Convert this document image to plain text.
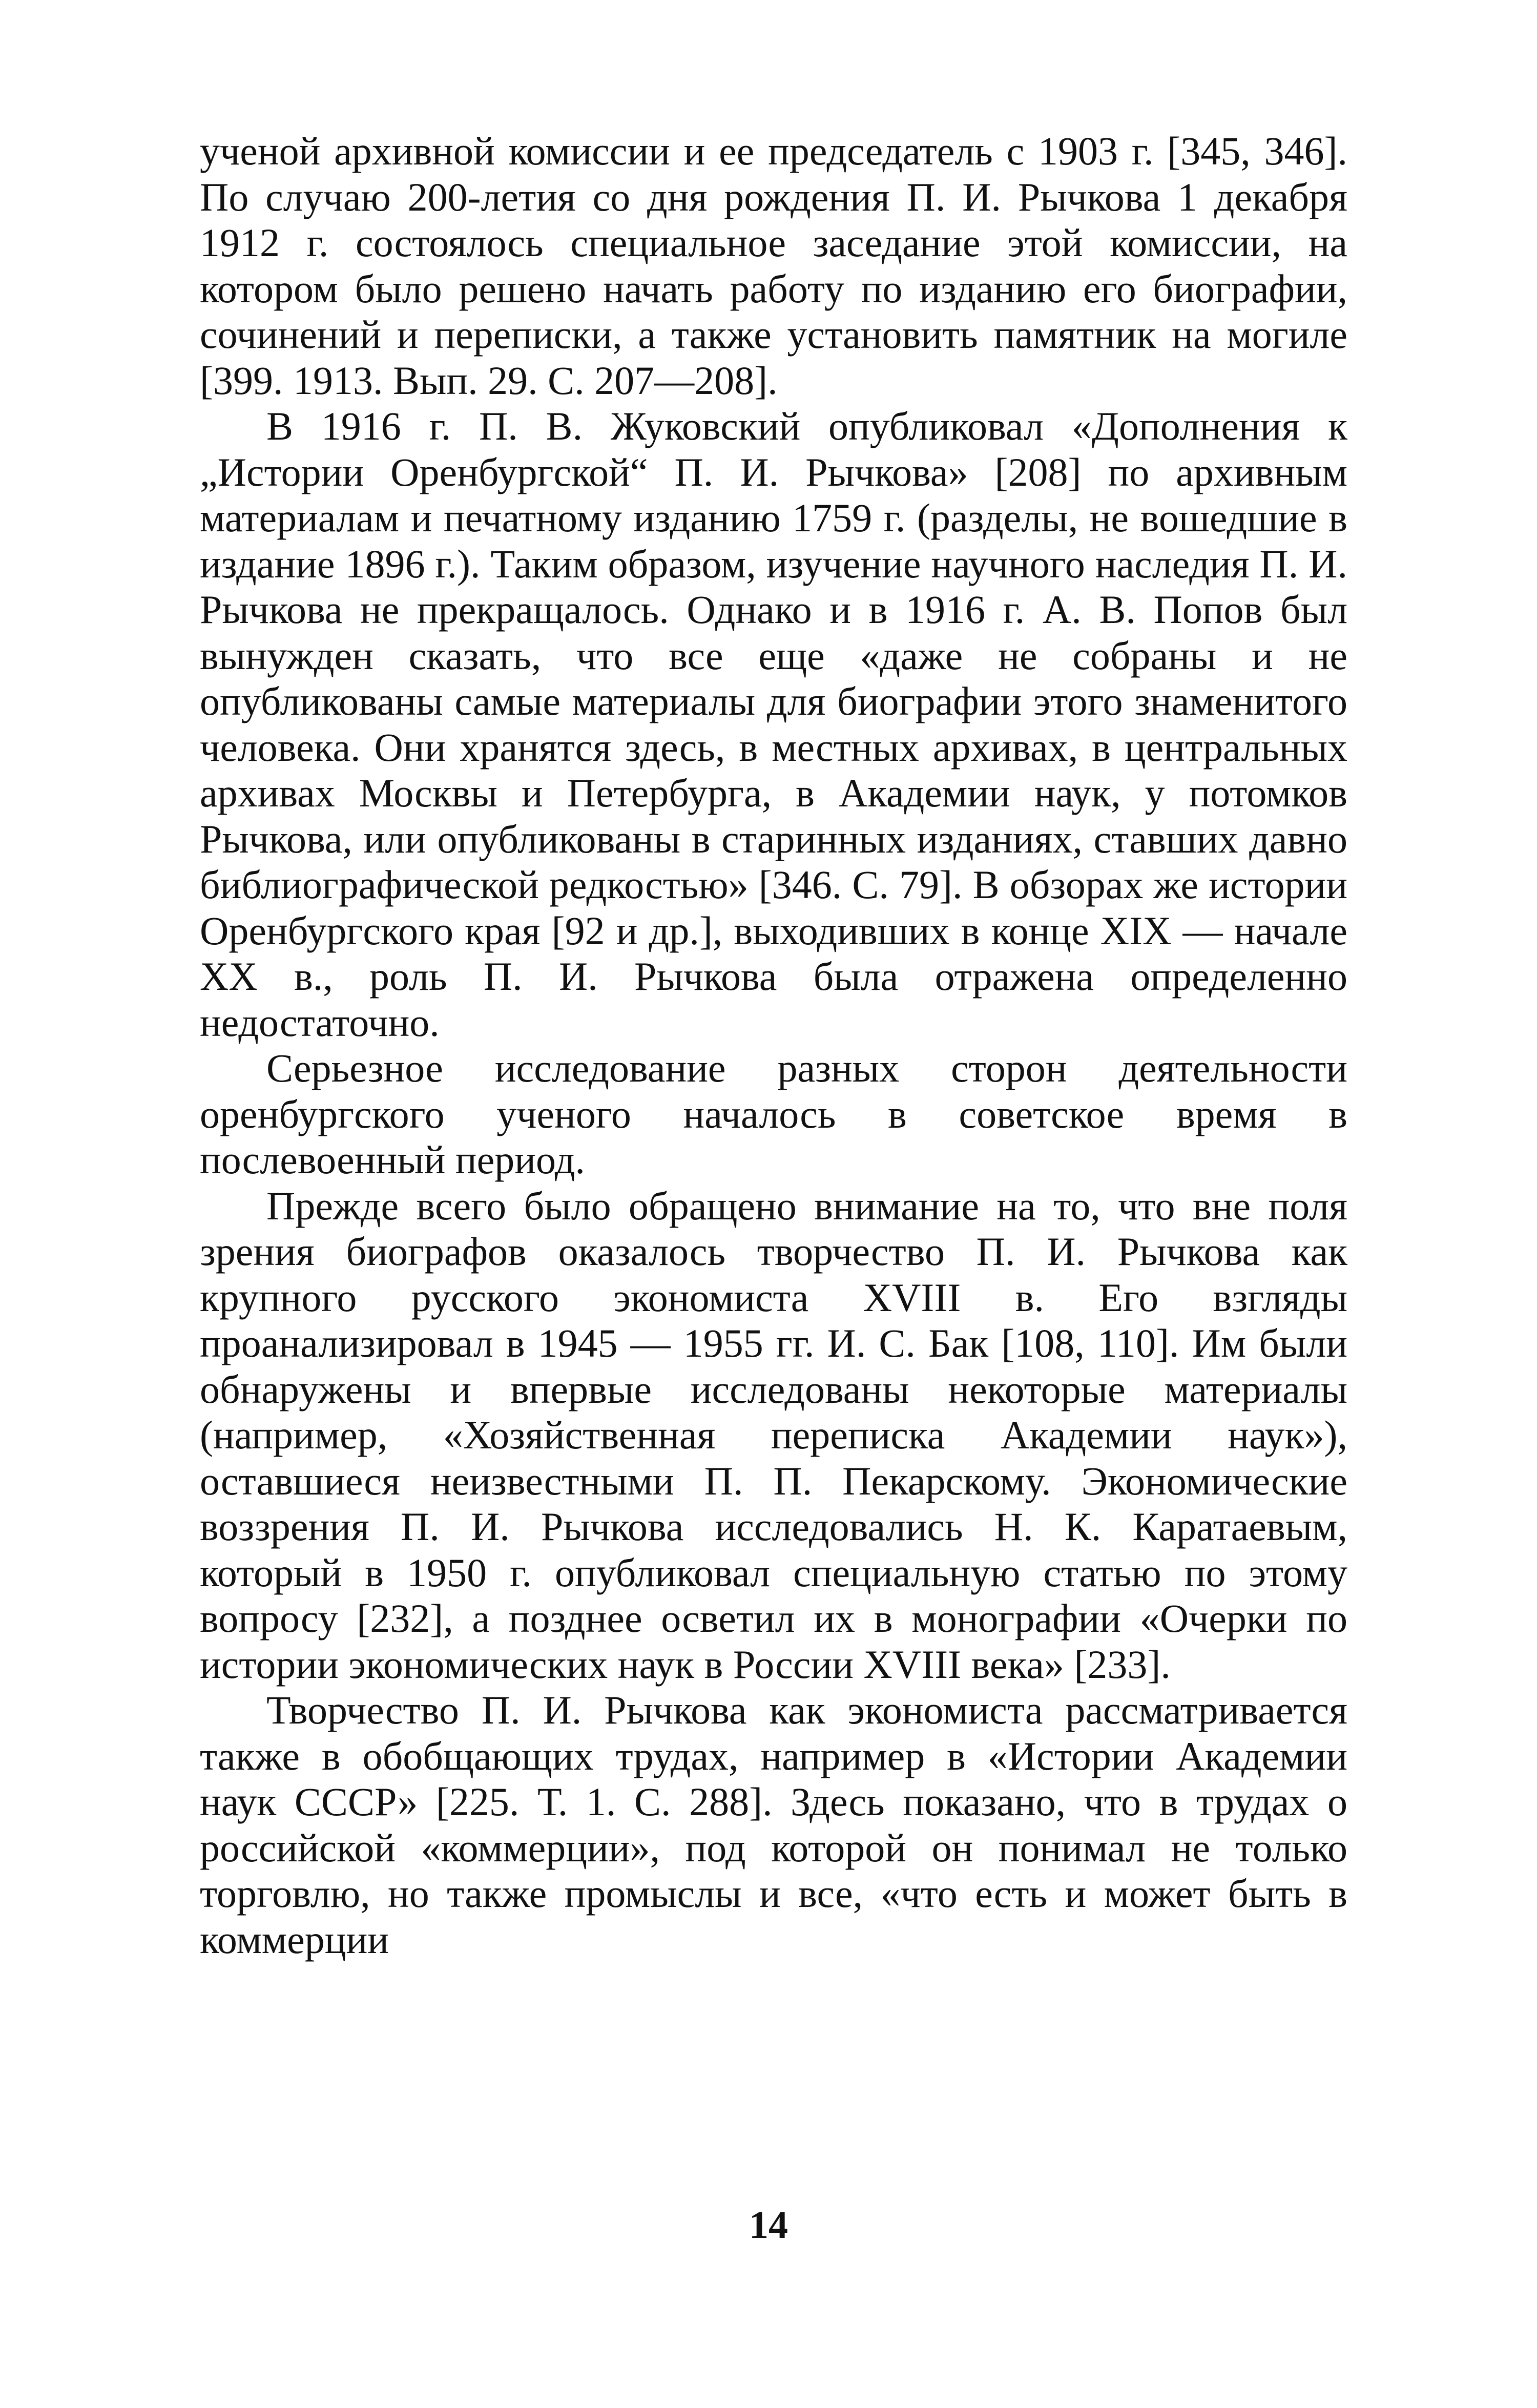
ученой архивной комиссии и ее председатель с 1903 г. [345, 346]. По случаю 200-летия со дня рождения П. И. Рычкова 1 декабря 1912 г. состоялось специальное заседание этой комиссии, на котором было решено начать работу по изданию его биографии, сочинений и переписки, а также установить памятник на могиле [399. 1913. Вып. 29. С. 207—208].

В 1916 г. П. В. Жуковский опубликовал «Дополнения к „Истории Оренбургской“ П. И. Рычкова» [208] по архивным материалам и печатному изданию 1759 г. (разделы, не вошедшие в издание 1896 г.). Таким образом, изучение научного наследия П. И. Рычкова не прекращалось. Однако и в 1916 г. А. В. Попов был вынужден сказать, что все еще «даже не собраны и не опубликованы самые материалы для биографии этого знаменитого человека. Они хранятся здесь, в местных архивах, в центральных архивах Москвы и Петербурга, в Академии наук, у потомков Рычкова, или опубликованы в старинных изданиях, ставших давно библиографической редкостью» [346. С. 79]. В обзорах же истории Оренбургского края [92 и др.], выходивших в конце XIX — начале XX в., роль П. И. Рычкова была отражена определенно недостаточно.

Серьезное исследование разных сторон деятельности оренбургского ученого началось в советское время в послевоенный период.

Прежде всего было обращено внимание на то, что вне поля зрения биографов оказалось творчество П. И. Рычкова как крупного русского экономиста XVIII в. Его взгляды проанализировал в 1945 — 1955 гг. И. С. Бак [108, 110]. Им были обнаружены и впервые исследованы некоторые материалы (например, «Хозяйственная переписка Академии наук»), оставшиеся неизвестными П. П. Пекарскому. Экономические воззрения П. И. Рычкова исследовались Н. К. Каратаевым, который в 1950 г. опубликовал специальную статью по этому вопросу [232], а позднее осветил их в монографии «Очерки по истории экономических наук в России XVIII века» [233].

Творчество П. И. Рычкова как экономиста рассматривается также в обобщающих трудах, например в «Истории Академии наук СССР» [225. Т. 1. С. 288]. Здесь показано, что в трудах о российской «коммерции», под которой он понимал не только торговлю, но также промыслы и все, «что есть и может быть в коммерции

14
